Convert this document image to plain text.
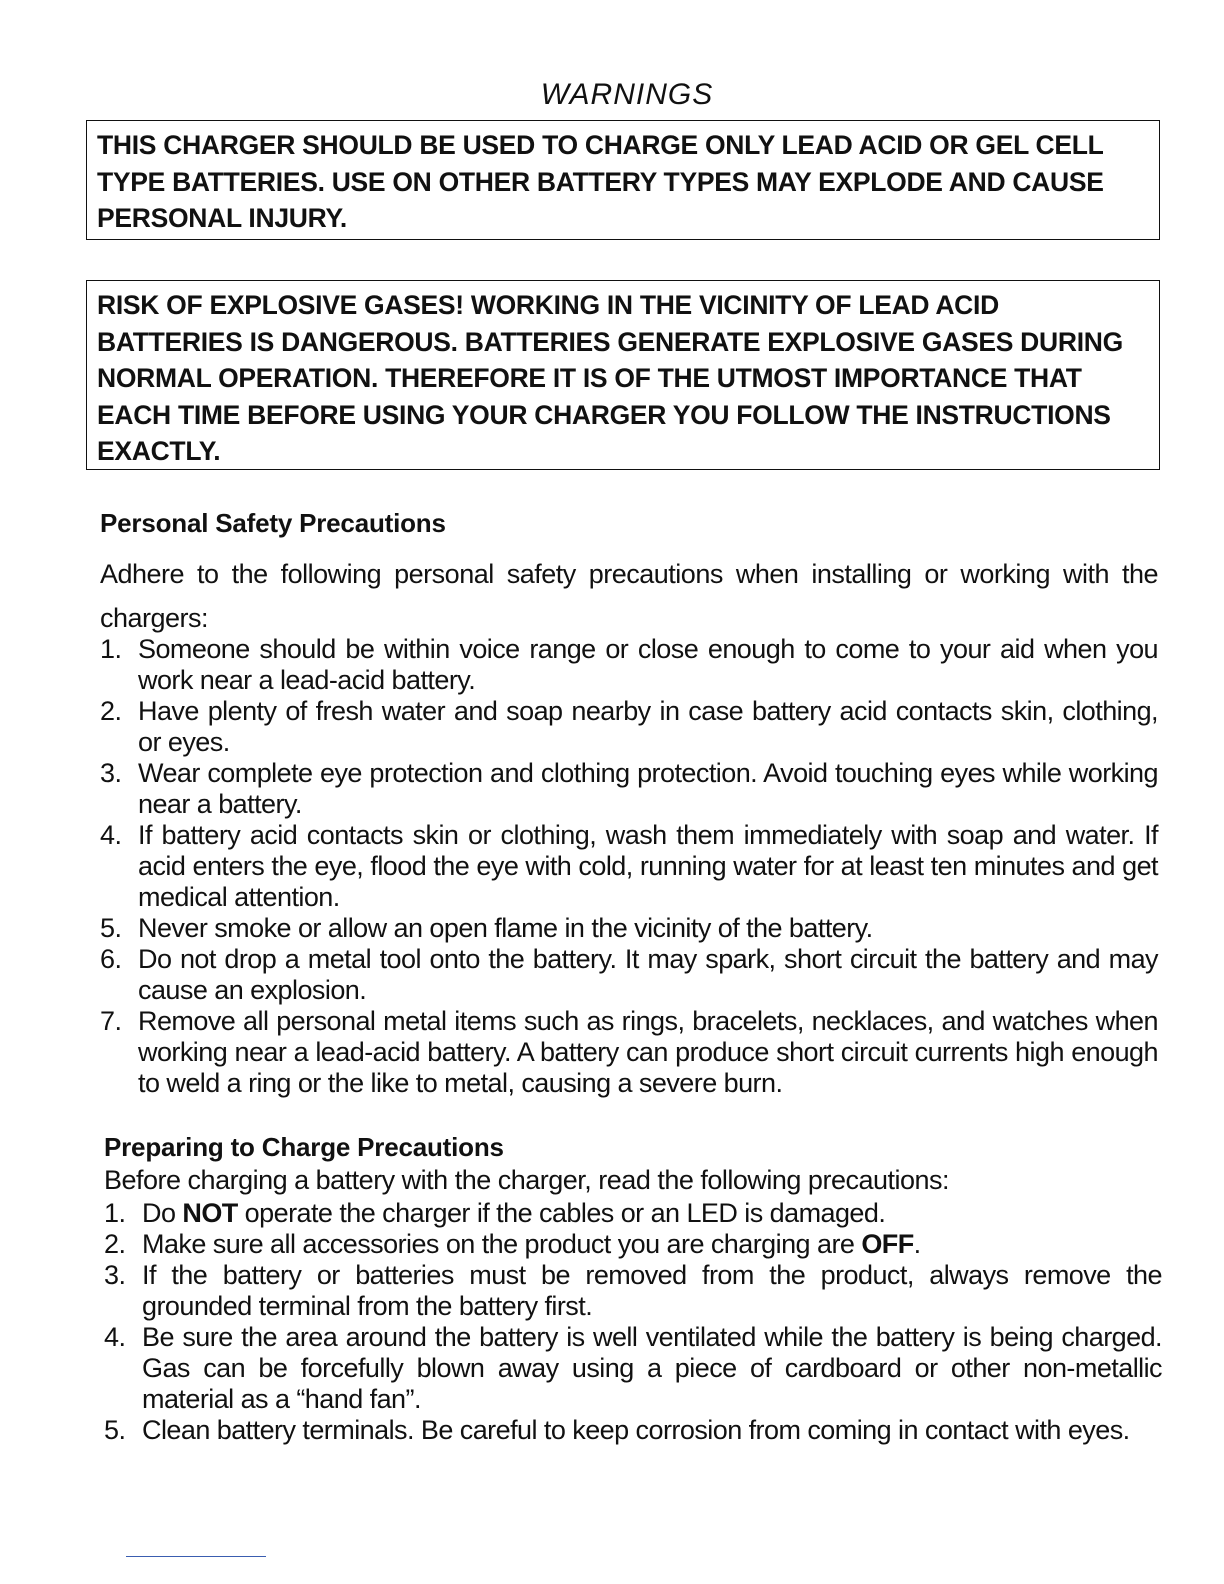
WARNINGS
THIS CHARGER SHOULD BE USED TO CHARGE ONLY LEAD ACID OR GEL CELL TYPE BATTERIES. USE ON OTHER BATTERY TYPES MAY EXPLODE AND CAUSE PERSONAL INJURY.
RISK OF EXPLOSIVE GASES! WORKING IN THE VICINITY OF LEAD ACID BATTERIES IS DANGEROUS. BATTERIES GENERATE EXPLOSIVE GASES DURING NORMAL OPERATION. THEREFORE IT IS OF THE UTMOST IMPORTANCE THAT EACH TIME BEFORE USING YOUR CHARGER YOU FOLLOW THE INSTRUCTIONS EXACTLY.
Personal Safety Precautions
Adhere to the following personal safety precautions when installing or working with the chargers:
1. Someone should be within voice range or close enough to come to your aid when you work near a lead-acid battery.
2. Have plenty of fresh water and soap nearby in case battery acid contacts skin, clothing, or eyes.
3. Wear complete eye protection and clothing protection. Avoid touching eyes while working near a battery.
4. If battery acid contacts skin or clothing, wash them immediately with soap and water. If acid enters the eye, flood the eye with cold, running water for at least ten minutes and get medical attention.
5. Never smoke or allow an open flame in the vicinity of the battery.
6. Do not drop a metal tool onto the battery. It may spark, short circuit the battery and may cause an explosion.
7. Remove all personal metal items such as rings, bracelets, necklaces, and watches when working near a lead-acid battery. A battery can produce short circuit currents high enough to weld a ring or the like to metal, causing a severe burn.
Preparing to Charge Precautions
Before charging a battery with the charger, read the following precautions:
1. Do NOT operate the charger if the cables or an LED is damaged.
2. Make sure all accessories on the product you are charging are OFF.
3. If the battery or batteries must be removed from the product, always remove the grounded terminal from the battery first.
4. Be sure the area around the battery is well ventilated while the battery is being charged. Gas can be forcefully blown away using a piece of cardboard or other non-metallic material as a “hand fan”.
5. Clean battery terminals. Be careful to keep corrosion from coming in contact with eyes.
